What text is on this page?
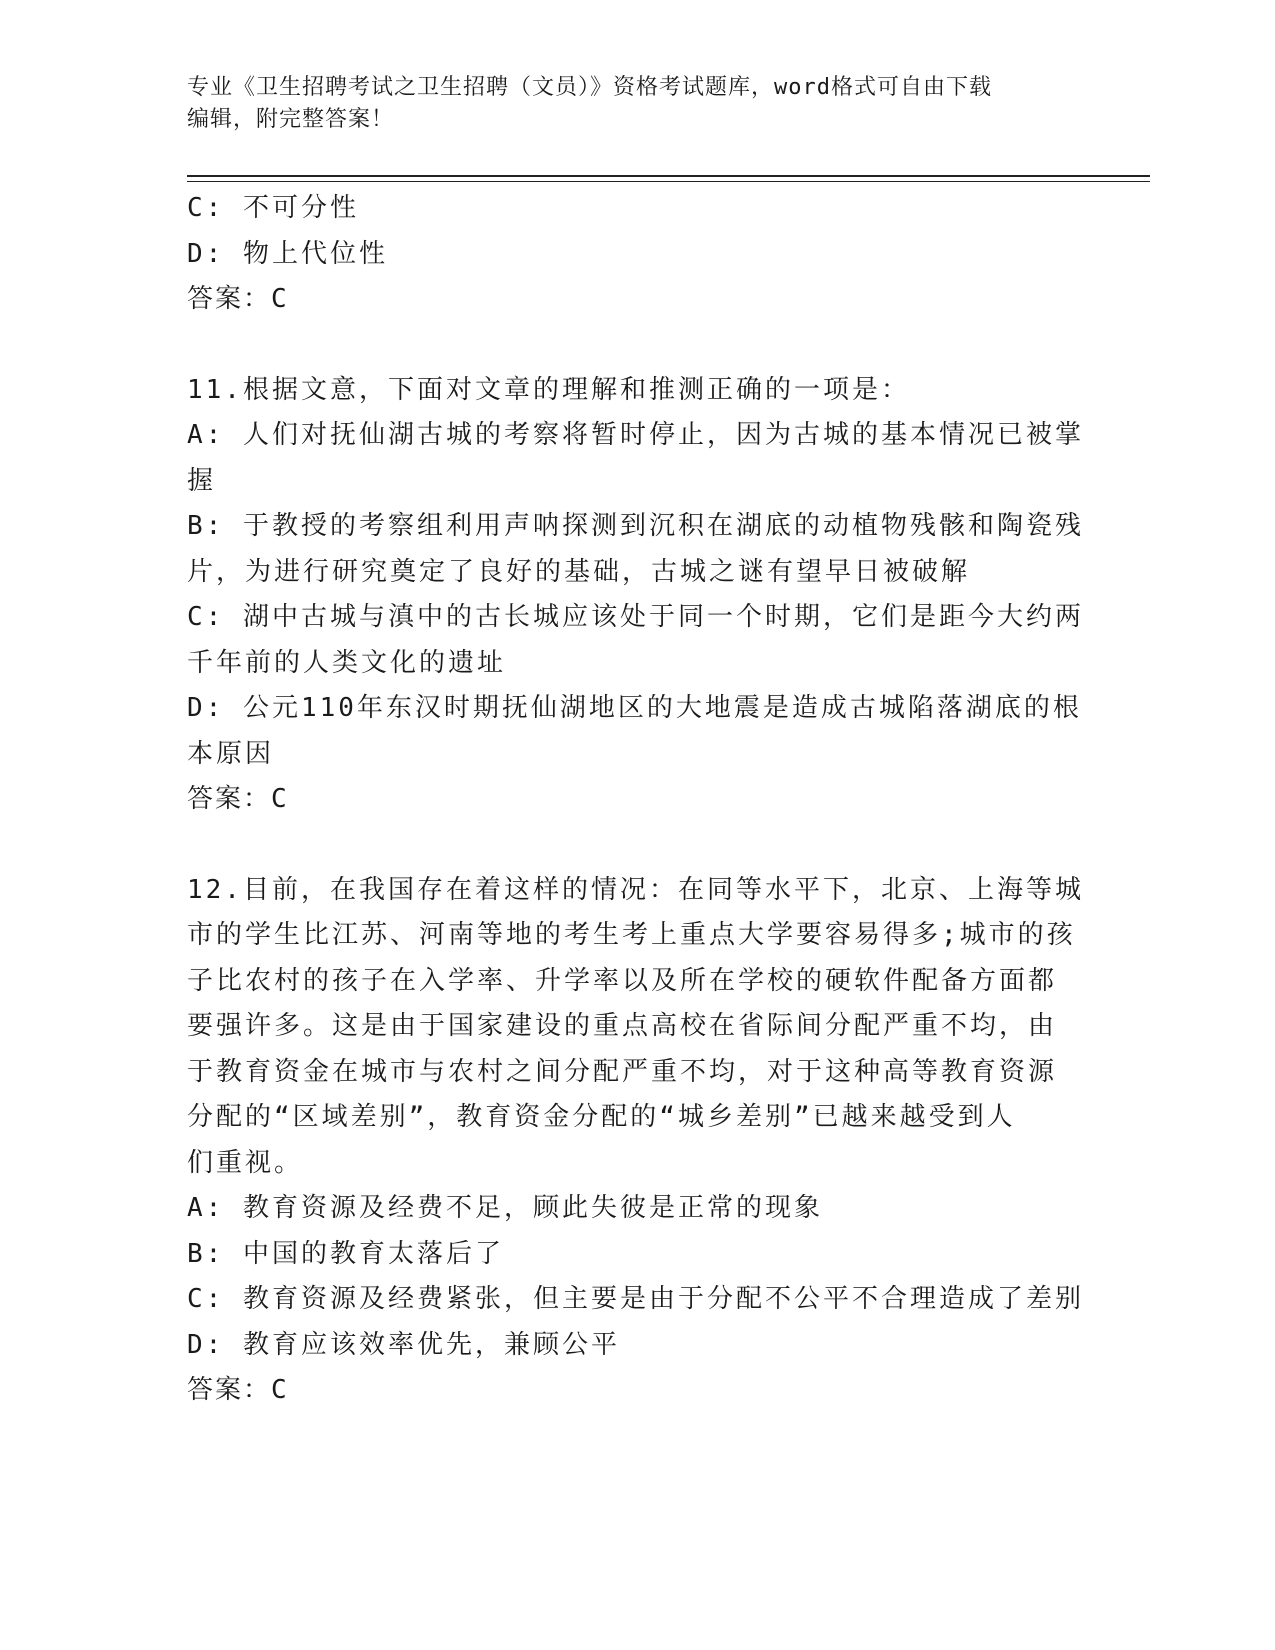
专业《卫生招聘考试之卫生招聘（文员）》资格考试题库，word格式可自由下载
编辑，附完整答案！
C: 不可分性
D: 物上代位性
答案：C
11.根据文意，下面对文章的理解和推测正确的一项是：
A: 人们对抚仙湖古城的考察将暂时停止，因为古城的基本情况已被掌
握
B: 于教授的考察组利用声呐探测到沉积在湖底的动植物残骸和陶瓷残
片，为进行研究奠定了良好的基础，古城之谜有望早日被破解
C: 湖中古城与滇中的古长城应该处于同一个时期，它们是距今大约两
千年前的人类文化的遗址
D: 公元110年东汉时期抚仙湖地区的大地震是造成古城陷落湖底的根
本原因
答案：C
12.目前，在我国存在着这样的情况：在同等水平下，北京、上海等城
市的学生比江苏、河南等地的考生考上重点大学要容易得多;城市的孩
子比农村的孩子在入学率、升学率以及所在学校的硬软件配备方面都
要强许多。这是由于国家建设的重点高校在省际间分配严重不均，由
于教育资金在城市与农村之间分配严重不均，对于这种高等教育资源
分配的“区域差别”，教育资金分配的“城乡差别”已越来越受到人
们重视。
A: 教育资源及经费不足，顾此失彼是正常的现象
B: 中国的教育太落后了
C: 教育资源及经费紧张，但主要是由于分配不公平不合理造成了差别
D: 教育应该效率优先，兼顾公平
答案：C
